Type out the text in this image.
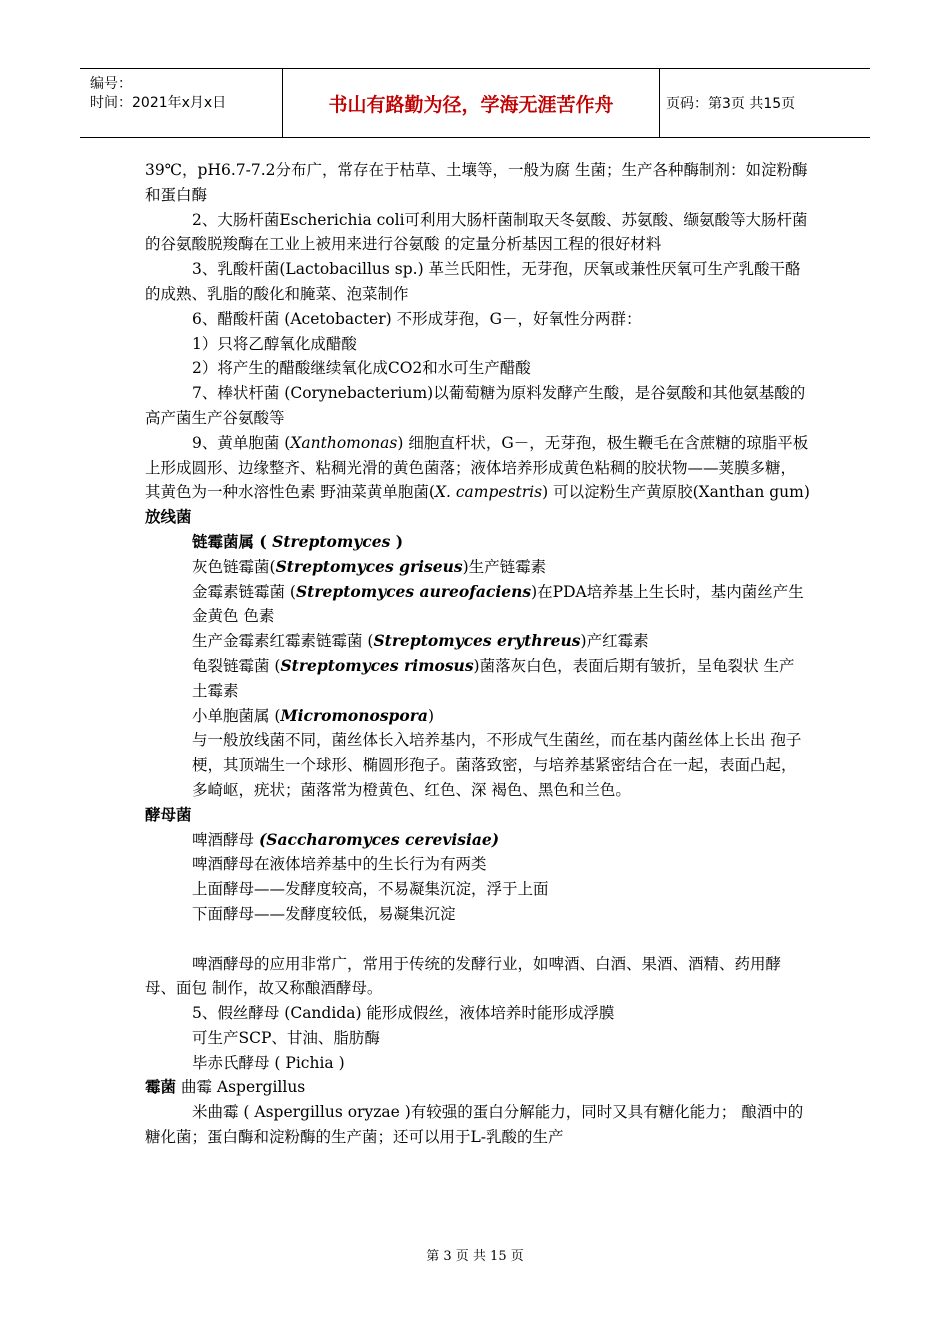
编号：
时间：2021年x月x日	书山有路勤为径，学海无涯苦作舟	页码：第3页 共15页

39℃，pH6.7-7.2分布广，常存在于枯草、土壤等，一般为腐 生菌；生产各种酶制剂：如淀粉酶和蛋白酶

2、大肠杆菌Escherichia coli可利用大肠杆菌制取天冬氨酸、苏氨酸、缬氨酸等大肠杆菌的谷氨酸脱羧酶在工业上被用来进行谷氨酸 的定量分析基因工程的很好材料

3、乳酸杆菌(Lactobacillus sp.) 革兰氏阳性，无芽孢，厌氧或兼性厌氧可生产乳酸干酪的成熟、乳脂的酸化和腌菜、泡菜制作

6、醋酸杆菌 (Acetobacter) 不形成芽孢，G－，好氧性分两群：

1）只将乙醇氧化成醋酸

2）将产生的醋酸继续氧化成CO2和水可生产醋酸

7、棒状杆菌 (Corynebacterium)以葡萄糖为原料发酵产生酸，是谷氨酸和其他氨基酸的高产菌生产谷氨酸等

9、黄单胞菌 (Xanthomonas) 细胞直杆状，G－，无芽孢，极生鞭毛在含蔗糖的琼脂平板上形成圆形、边缘整齐、粘稠光滑的黄色菌落；液体培养形成黄色粘稠的胶状物——荚膜多糖，其黄色为一种水溶性色素 野油菜黄单胞菌(X. campestris) 可以淀粉生产黄原胶(Xanthan gum)

放线菌

链霉菌属 ( Streptomyces )

灰色链霉菌(Streptomyces griseus)生产链霉素

金霉素链霉菌 (Streptomyces aureofaciens)在PDA培养基上生长时，基内菌丝产生金黄色 色素

生产金霉素红霉素链霉菌 (Streptomyces erythreus)产红霉素

龟裂链霉菌 (Streptomyces rimosus)菌落灰白色，表面后期有皱折，呈龟裂状 生产土霉素

小单胞菌属 (Micromonospora)

与一般放线菌不同，菌丝体长入培养基内，不形成气生菌丝，而在基内菌丝体上长出 孢子梗，其顶端生一个球形、椭圆形孢子。菌落致密，与培养基紧密结合在一起，表面凸起，多崎岖，疣状；菌落常为橙黄色、红色、深 褐色、黑色和兰色。

酵母菌

啤酒酵母 (Saccharomyces cerevisiae)

啤酒酵母在液体培养基中的生长行为有两类

上面酵母——发酵度较高，不易凝集沉淀，浮于上面

下面酵母——发酵度较低，易凝集沉淀

啤酒酵母的应用非常广，常用于传统的发酵行业，如啤酒、白酒、果酒、酒精、药用酵母、面包 制作，故又称酿酒酵母。

5、假丝酵母 (Candida) 能形成假丝，液体培养时能形成浮膜

可生产SCP、甘油、脂肪酶

毕赤氏酵母 ( Pichia )

霉菌 曲霉 Aspergillus

米曲霉 ( Aspergillus oryzae )有较强的蛋白分解能力，同时又具有糖化能力； 酿酒中的糖化菌；蛋白酶和淀粉酶的生产菌；还可以用于L-乳酸的生产

第 3 页 共 15 页
